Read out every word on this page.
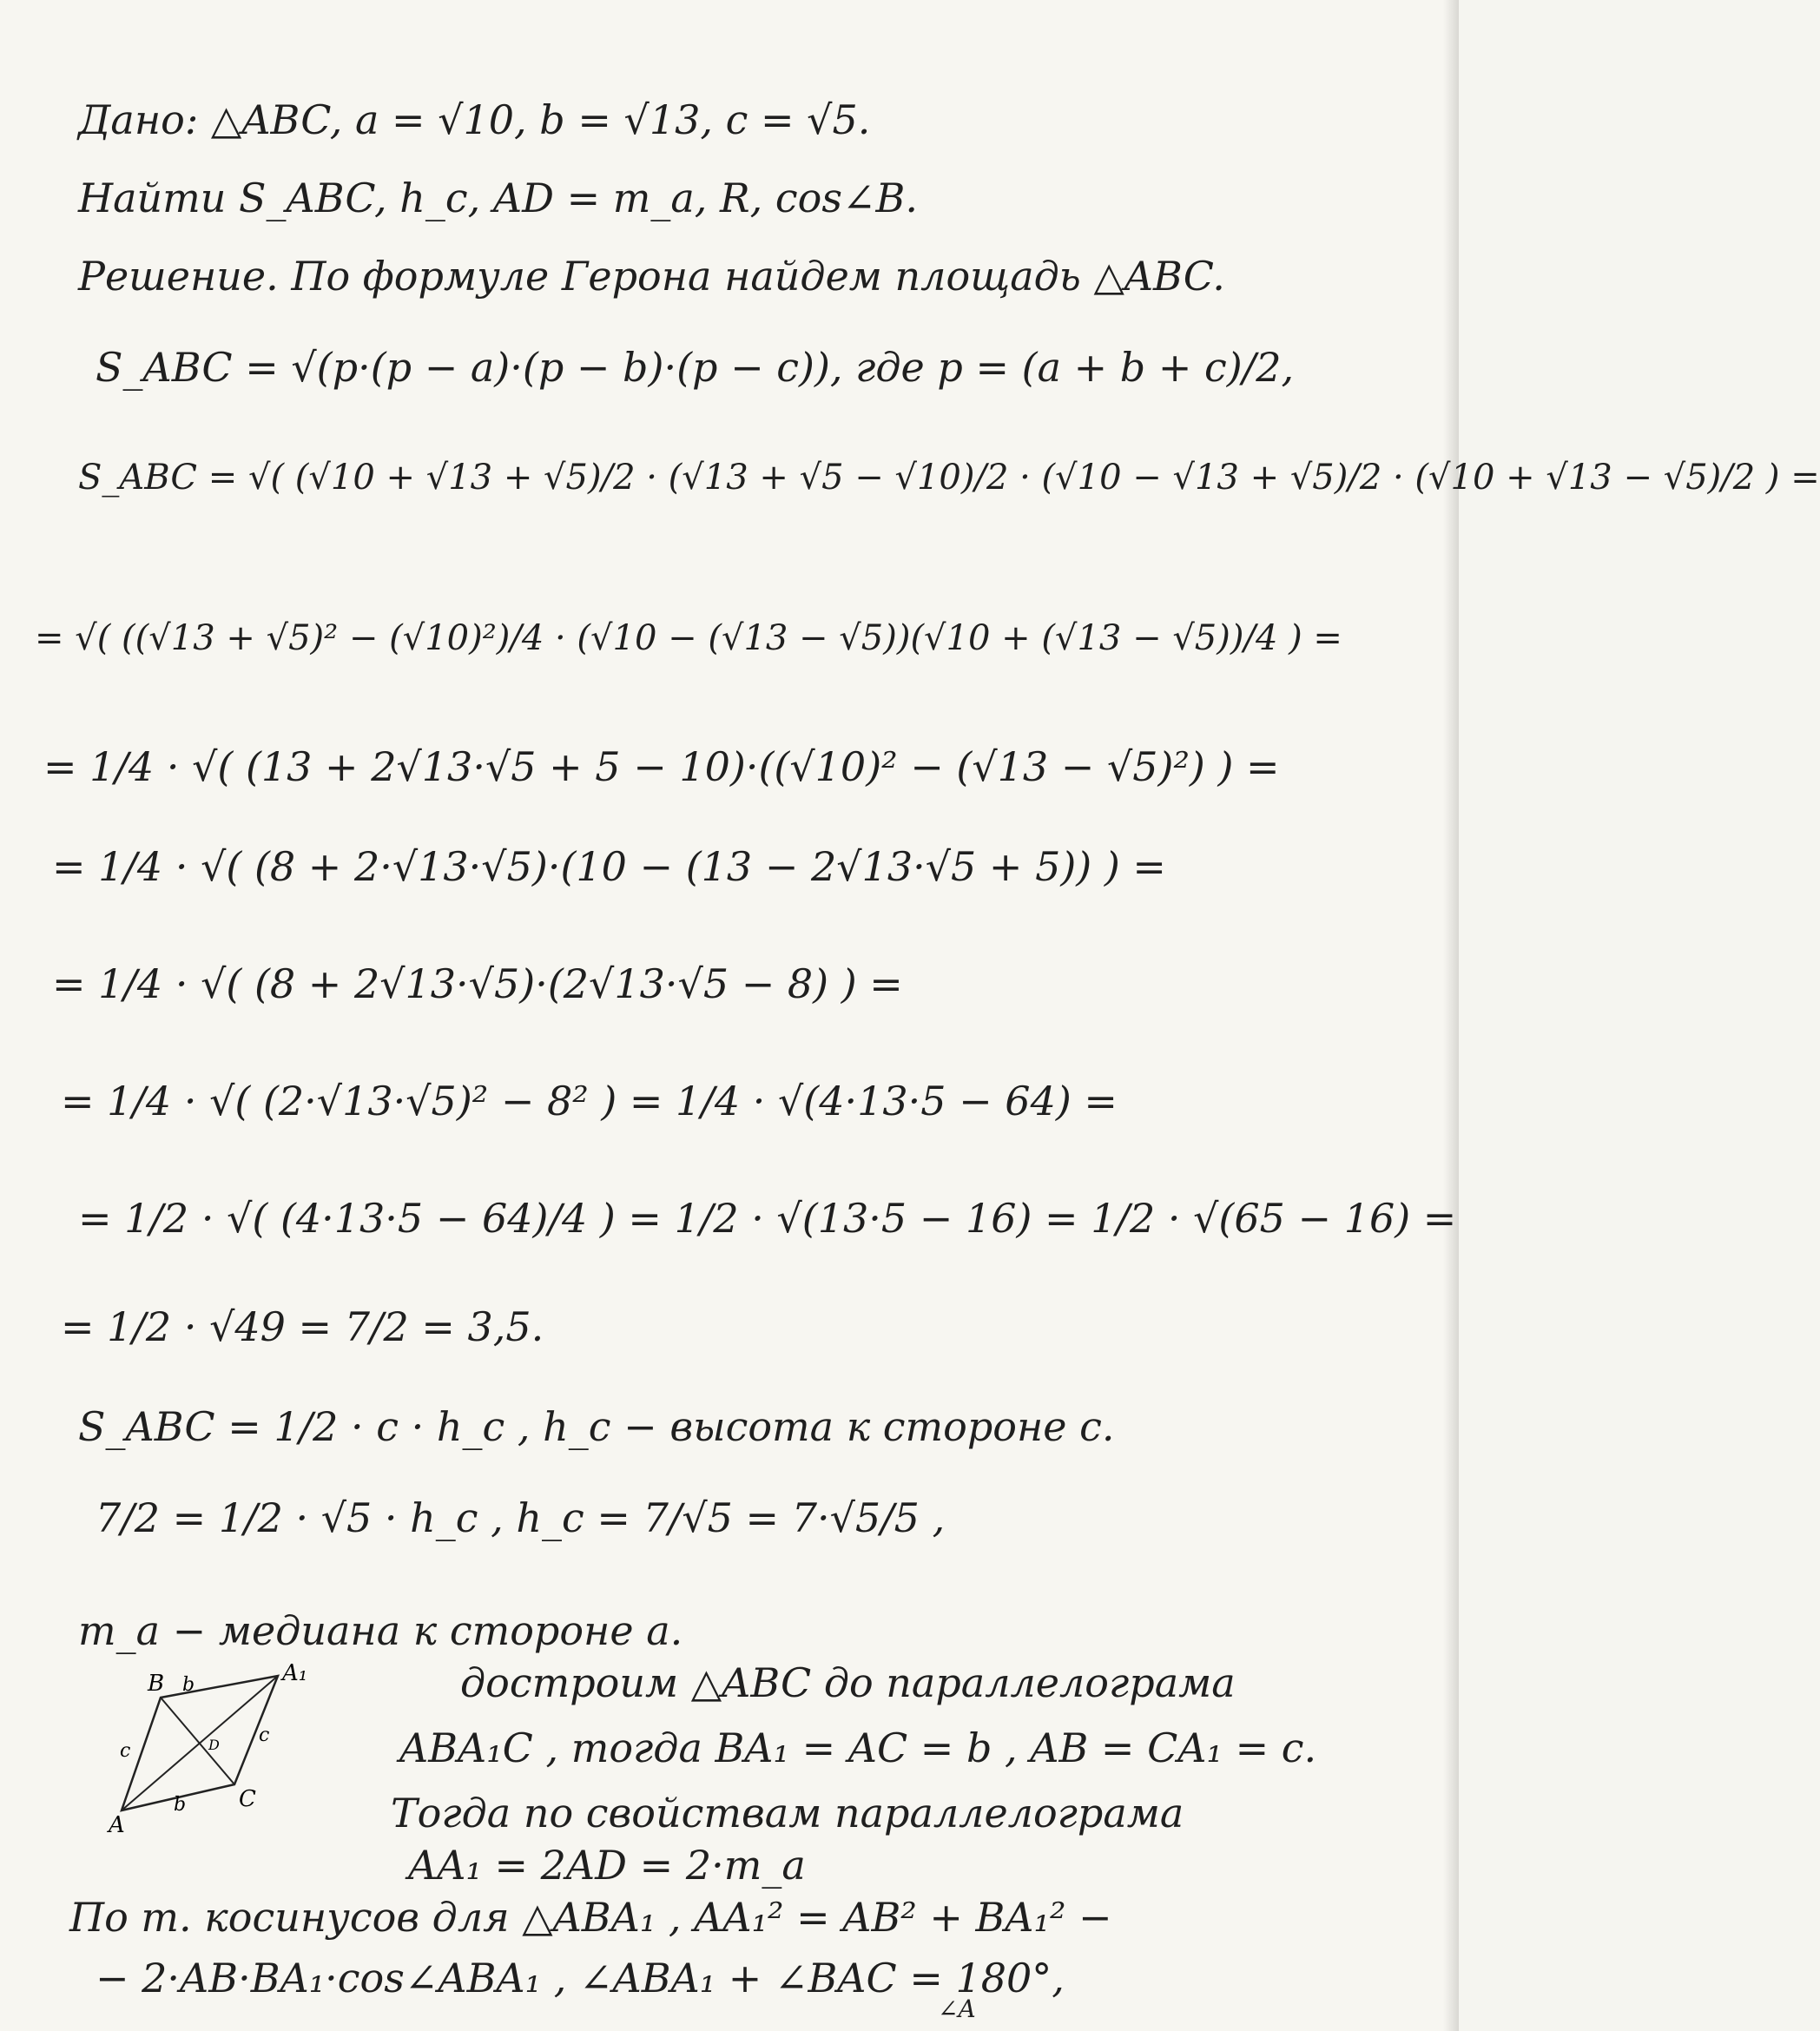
Дано: △ABC, a = √10, b = √13, c = √5.
Найти S_ABC, h_c, AD = m_a, R, cos∠B.
Решение. По формуле Герона найдем площадь △ABC.
S_ABC = √(p·(p − a)·(p − b)·(p − c)), где p = (a + b + c)/2,
S_ABC = √( (√10 + √13 + √5)/2 · (√13 + √5 − √10)/2 · (√10 − √13 + √5)/2 · (√10 + √13 − √5)/2 ) =
= √( ((√13 + √5)² − (√10)²)/4 · (√10 − (√13 − √5))(√10 + (√13 − √5))/4 ) =
= 1/4 · √( (13 + 2√13·√5 + 5 − 10)·((√10)² − (√13 − √5)²) ) =
= 1/4 · √( (8 + 2·√13·√5)·(10 − (13 − 2√13·√5 + 5)) ) =
= 1/4 · √( (8 + 2√13·√5)·(2√13·√5 − 8) ) =
= 1/4 · √( (2·√13·√5)² − 8² ) = 1/4 · √(4·13·5 − 64) =
= 1/2 · √( (4·13·5 − 64)/4 ) = 1/2 · √(13·5 − 16) = 1/2 · √(65 − 16) =
= 1/2 · √49 = 7/2 = 3,5.
S_ABC = 1/2 · c · h_c , h_c − высота к стороне c.
7/2 = 1/2 · √5 · h_c , h_c = 7/√5 = 7·√5/5 ,
m_a − медиана к стороне a.
достроим △ABC до параллелограма
ABA₁C , тогда BA₁ = AC = b , AB = CA₁ = c.
Тогда по свойствам параллелограма
AA₁ = 2AD = 2·m_a
По т. косинусов для △ABA₁ , AA₁² = AB² + BA₁² −
− 2·AB·BA₁·cos∠ABA₁ , ∠ABA₁ + ∠BAC = 180°,
∠A
A
B
C
A₁
b
b
c
c
D
